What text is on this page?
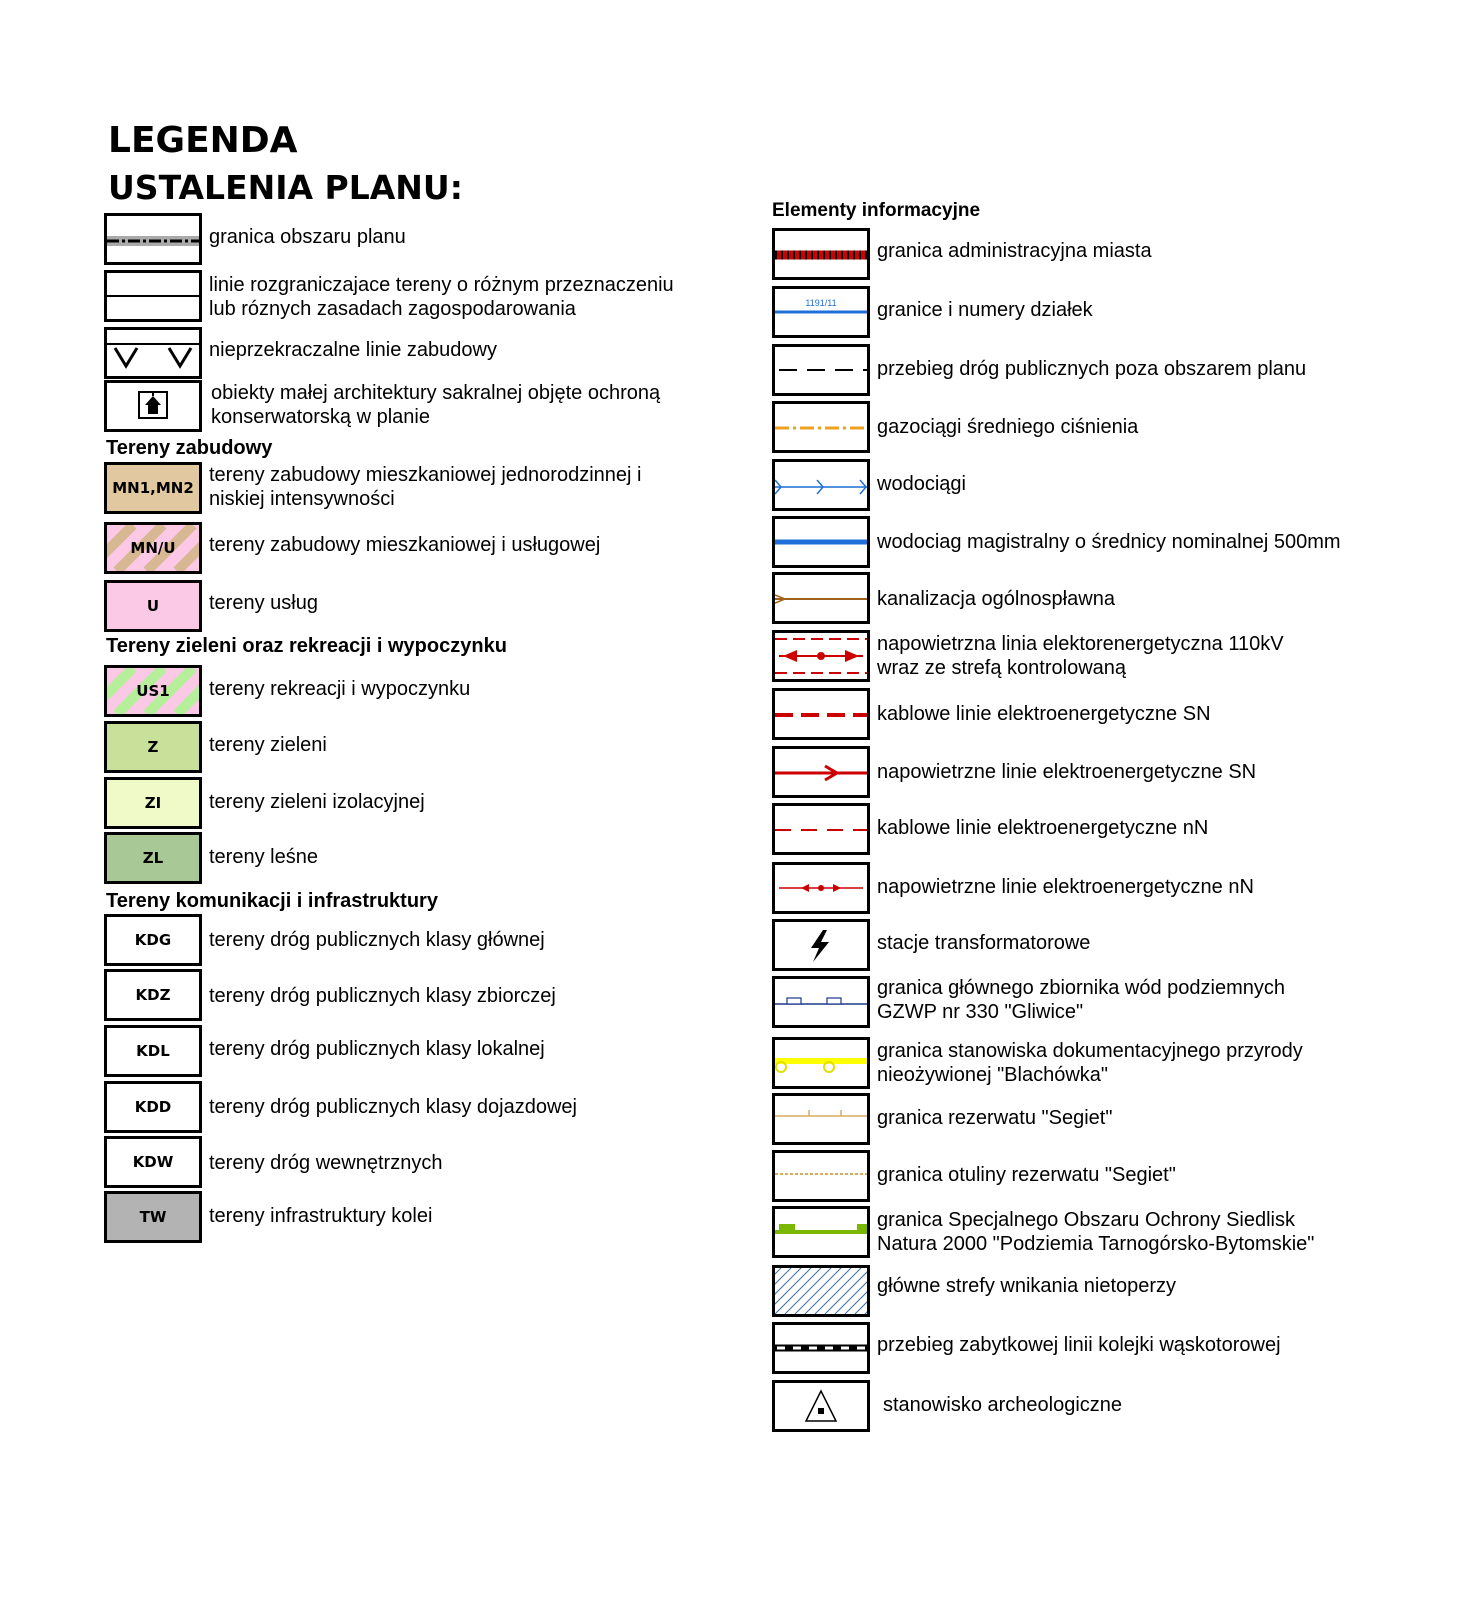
LEGENDA
USTALENIA PLANU:
granica obszaru planu
linie rozgraniczajace tereny o różnym przeznaczeniu
lub róznych zasadach zagospodarowania
nieprzekraczalne linie zabudowy
obiekty małej architektury sakralnej objęte ochroną
konserwatorską w planie
Tereny zabudowy
MN1,MN2
tereny zabudowy mieszkaniowej jednorodzinnej i
niskiej intensywności
MN/U tereny zabudowy mieszkaniowej i usługowej
U tereny usług
Tereny zieleni oraz rekreacji i wypoczynku
US1 tereny rekreacji i wypoczynku
Z	tereny zieleni
ZI tereny zieleni izolacyjnej
ZL tereny leśne
Tereny komunikacji i infrastruktury
KDG tereny dróg publicznych klasy głównej
KDZ tereny dróg publicznych klasy zbiorczej
KDL tereny dróg publicznych klasy lokalnej
KDD tereny dróg publicznych klasy dojazdowej
KDW tereny dróg wewnętrznych
TW tereny infrastruktury kolei
Elementy informacyjne
granica administracyjna miasta
1191/11 granice i numery działek
przebieg dróg publicznych poza obszarem planu
gazociągi średniego ciśnienia
wodociągi
wodociag magistralny o średnicy nominalnej 500mm
kanalizacja ogólnospławna
napowietrzna linia elektorenergetyczna 110kV
wraz ze strefą kontrolowaną
kablowe linie elektroenergetyczne SN
napowietrzne linie elektroenergetyczne SN
kablowe linie elektroenergetyczne nN
napowietrzne linie elektroenergetyczne nN
stacje transformatorowe
granica głównego zbiornika wód podziemnych
GZWP nr 330 "Gliwice"
granica stanowiska dokumentacyjnego przyrody
nieożywionej "Blachówka"
granica rezerwatu "Segiet"
granica otuliny rezerwatu "Segiet"
granica Specjalnego Obszaru Ochrony Siedlisk
Natura 2000 "Podziemia Tarnogórsko-Bytomskie"
główne strefy wnikania nietoperzy
przebieg zabytkowej linii kolejki wąskotorowej
stanowisko archeologiczne
